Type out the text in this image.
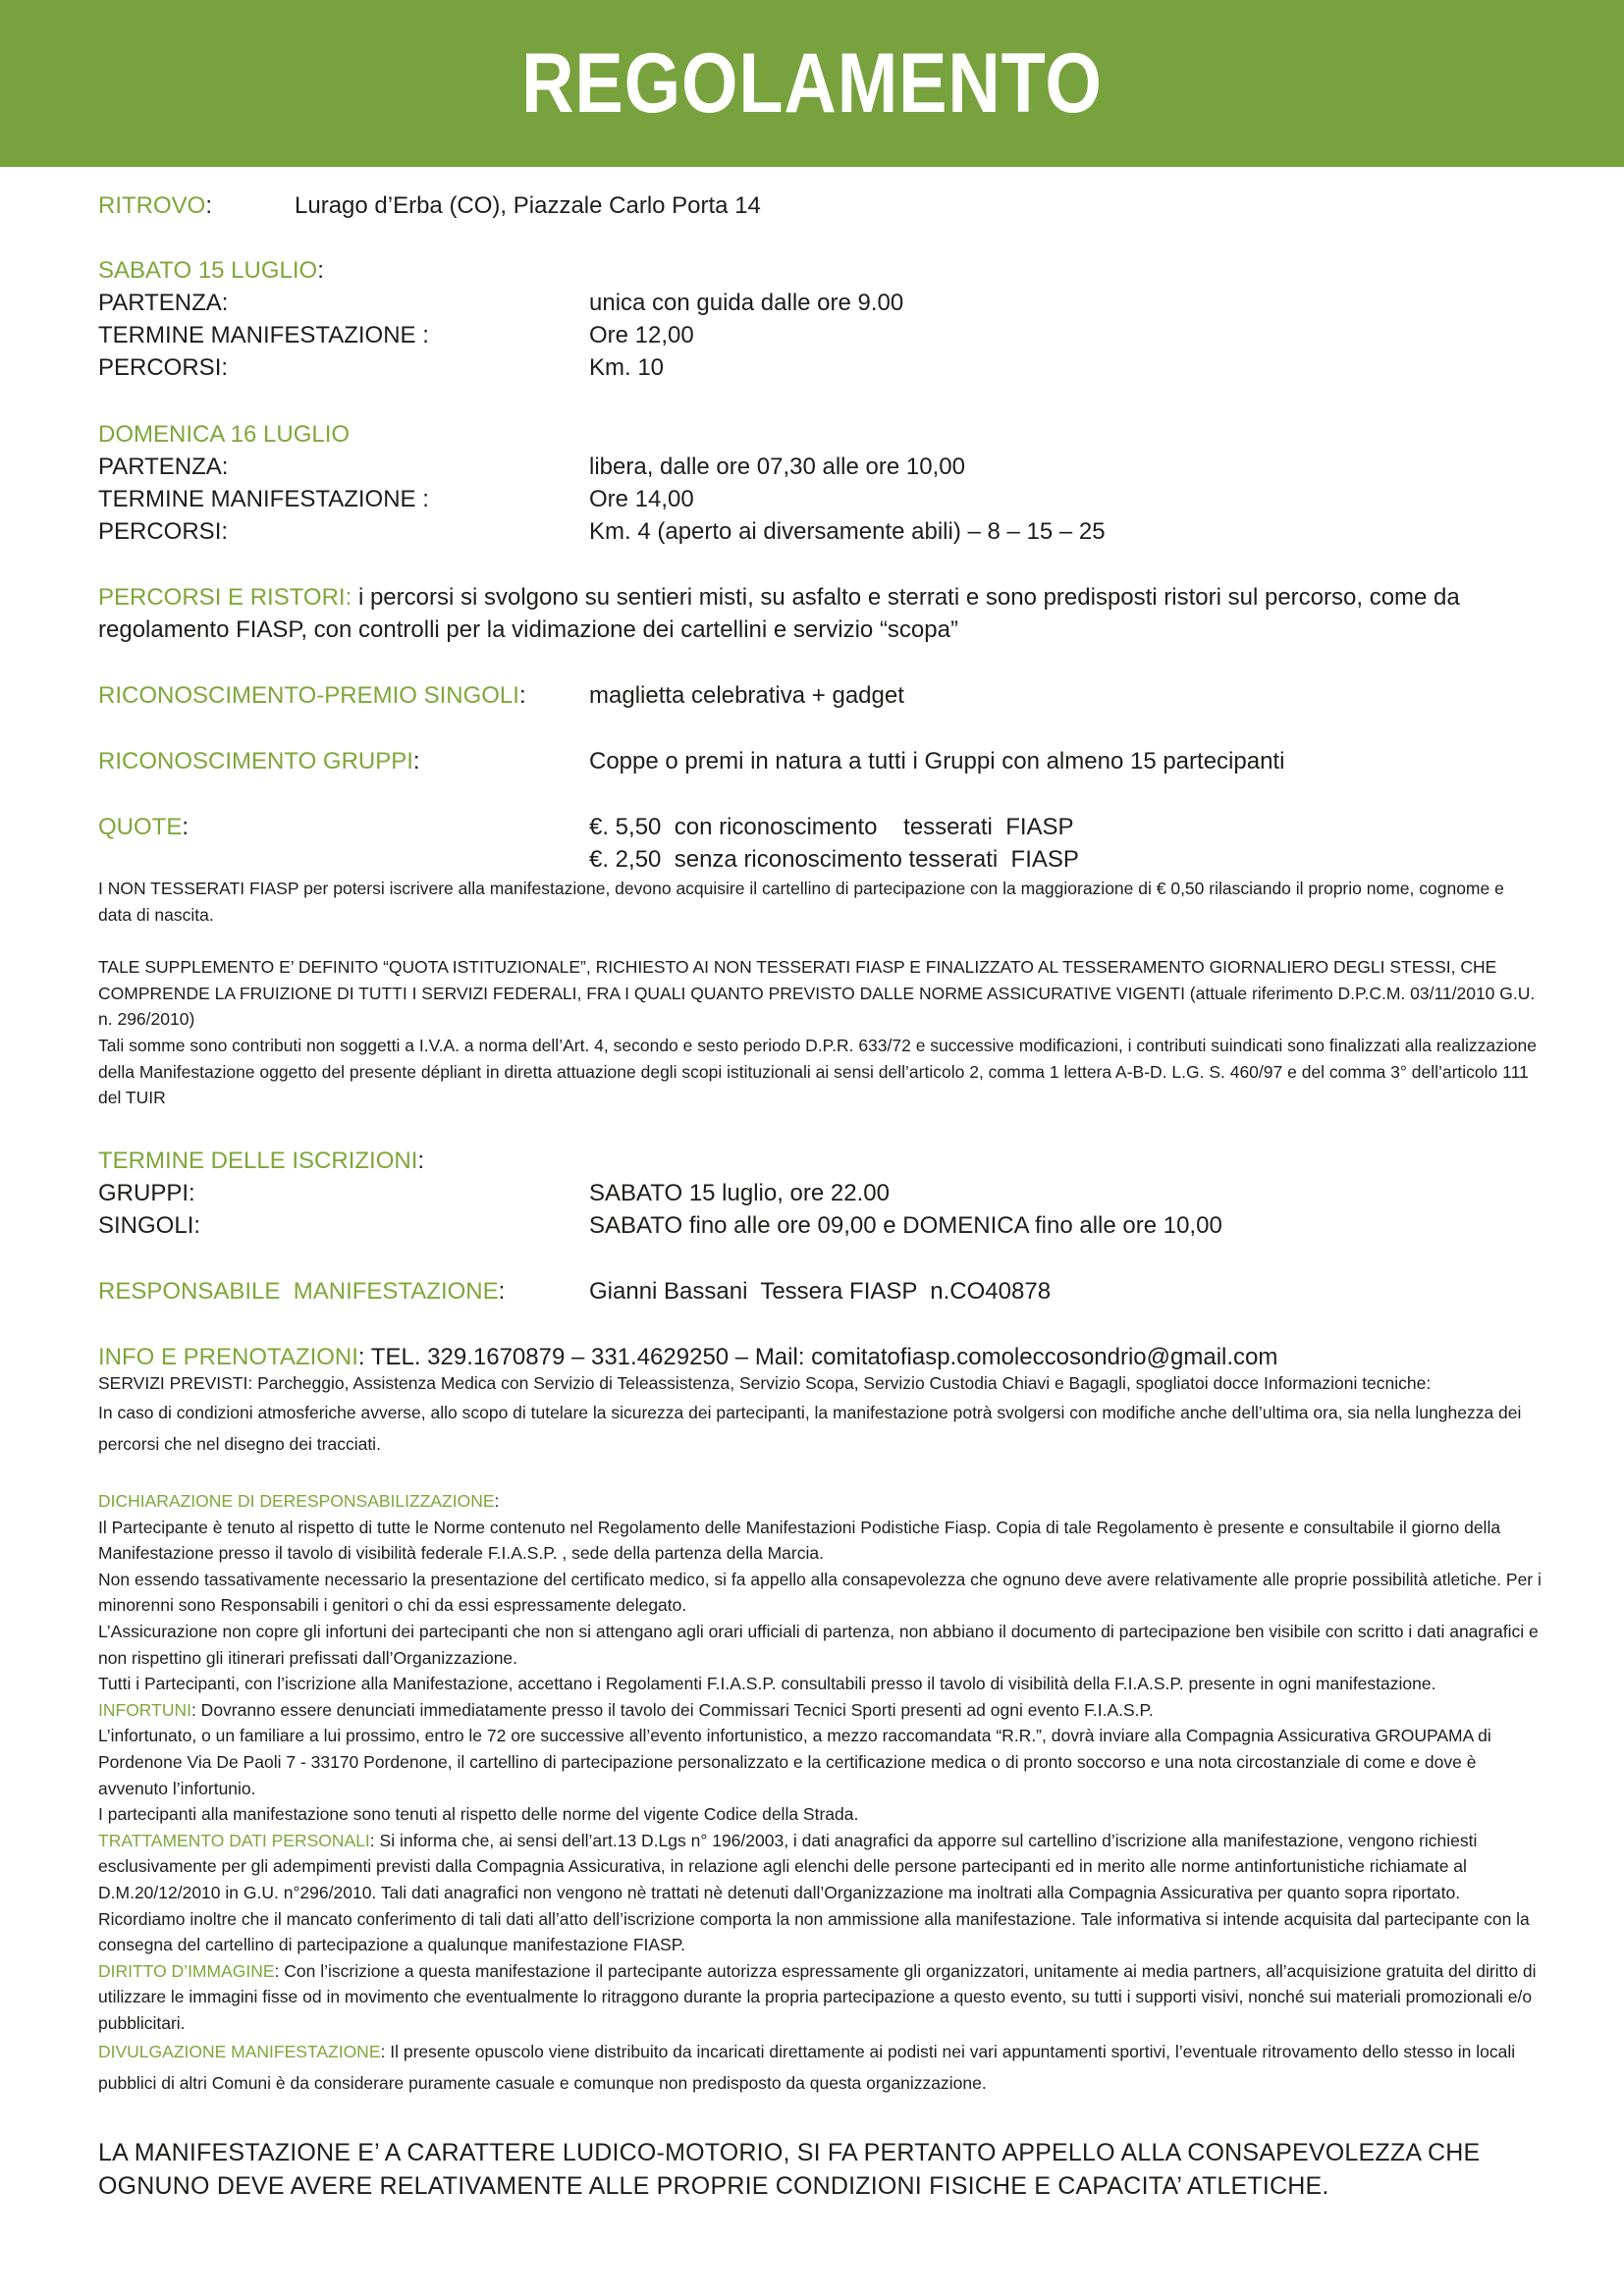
REGOLAMENTO
RITROVO:	Lurago d’Erba (CO), Piazzale Carlo Porta 14
SABATO 15 LUGLIO:
PARTENZA:	unica con guida dalle ore 9.00
TERMINE MANIFESTAZIONE :	Ore 12,00
PERCORSI:	Km. 10
DOMENICA 16 LUGLIO
PARTENZA:	libera, dalle ore 07,30 alle ore 10,00
TERMINE MANIFESTAZIONE :	Ore 14,00
PERCORSI:	Km. 4 (aperto ai diversamente abili) – 8 – 15 – 25
PERCORSI E RISTORI: i percorsi si svolgono su sentieri misti, su asfalto e sterrati e sono predisposti ristori sul percorso, come da regolamento FIASP, con controlli per la vidimazione dei cartellini e servizio “scopa”
RICONOSCIMENTO-PREMIO SINGOLI:	maglietta celebrativa + gadget
RICONOSCIMENTO GRUPPI:	Coppe o premi in natura a tutti i Gruppi con almeno 15 partecipanti
QUOTE:	€. 5,50  con riconoscimento    tesserati  FIASP
€. 2,50  senza riconoscimento tesserati  FIASP
I NON TESSERATI FIASP per potersi iscrivere alla manifestazione, devono acquisire il cartellino di partecipazione con la maggiorazione di € 0,50 rilasciando il proprio nome, cognome e data di nascita.
TALE SUPPLEMENTO E’ DEFINITO “QUOTA ISTITUZIONALE”, RICHIESTO AI NON TESSERATI FIASP E FINALIZZATO AL TESSERAMENTO GIORNALIERO DEGLI STESSI, CHE COMPRENDE LA FRUIZIONE DI TUTTI I SERVIZI FEDERALI, FRA I QUALI QUANTO PREVISTO DALLE NORME ASSICURATIVE VIGENTI (attuale riferimento D.P.C.M. 03/11/2010 G.U. n. 296/2010)
Tali somme sono contributi non soggetti a I.V.A. a norma dell’Art. 4, secondo e sesto periodo D.P.R. 633/72 e successive modificazioni, i contributi suindicati sono finalizzati alla realizzazione della Manifestazione oggetto del presente dépliant in diretta attuazione degli scopi istituzionali ai sensi dell’articolo 2, comma 1 lettera A-B-D. L.G. S. 460/97 e del comma 3° dell’articolo 111 del TUIR
TERMINE DELLE ISCRIZIONI:
GRUPPI:	SABATO 15 luglio, ore 22.00
SINGOLI:	SABATO fino alle ore 09,00 e DOMENICA fino alle ore 10,00
RESPONSABILE  MANIFESTAZIONE:	Gianni Bassani  Tessera FIASP  n.CO40878
INFO E PRENOTAZIONI: TEL. 329.1670879 – 331.4629250 – Mail: comitatofiasp.comoleccosondrio@gmail.com
SERVIZI PREVISTI: Parcheggio, Assistenza Medica con Servizio di Teleassistenza, Servizio Scopa, Servizio Custodia Chiavi e Bagagli, spogliatoi docce Informazioni tecniche:
In caso di condizioni atmosferiche avverse, allo scopo di tutelare la sicurezza dei partecipanti, la manifestazione potrà svolgersi con modifiche anche dell’ultima ora, sia nella lunghezza dei percorsi che nel disegno dei tracciati.

DICHIARAZIONE DI DERESPONSABILIZZAZIONE:

Il Partecipante è tenuto al rispetto di tutte le Norme contenuto nel Regolamento delle Manifestazioni Podistiche Fiasp. Copia di tale Regolamento è presente e consultabile il giorno della Manifestazione presso il tavolo di visibilità federale F.I.A.S.P. , sede della partenza della Marcia.

Non essendo tassativamente necessario la presentazione del certificato medico, si fa appello alla consapevolezza che ognuno deve avere relativamente alle proprie possibilità atletiche. Per i minorenni sono Responsabili i genitori o chi da essi espressamente delegato.

L’Assicurazione non copre gli infortuni dei partecipanti che non si attengano agli orari ufficiali di partenza, non abbiano il documento di partecipazione ben visibile con scritto i dati anagrafici e non rispettino gli itinerari prefissati dall’Organizzazione.

Tutti i Partecipanti, con l’iscrizione alla Manifestazione, accettano i Regolamenti F.I.A.S.P. consultabili presso il tavolo di visibilità della F.I.A.S.P. presente in ogni manifestazione.

INFORTUNI: Dovranno essere denunciati immediatamente presso il tavolo dei Commissari Tecnici Sporti presenti ad ogni evento F.I.A.S.P.

L’infortunato, o un familiare a lui prossimo, entro le 72 ore successive all’evento infortunistico, a mezzo raccomandata “R.R.”, dovrà inviare alla Compagnia Assicurativa GROUPAMA di Pordenone Via De Paoli 7 - 33170 Pordenone, il cartellino di partecipazione personalizzato e la certificazione medica o di pronto soccorso e una nota circostanziale di come e dove è avvenuto l’infortunio.

I partecipanti alla manifestazione sono tenuti al rispetto delle norme del vigente Codice della Strada.

TRATTAMENTO DATI PERSONALI: Si informa che, ai sensi dell’art.13 D.Lgs n° 196/2003, i dati anagrafici da apporre sul cartellino d’iscrizione alla manifestazione, vengono richiesti esclusivamente per gli adempimenti previsti dalla Compagnia Assicurativa, in relazione agli elenchi delle persone partecipanti ed in merito alle norme antinfortunistiche richiamate al D.M.20/12/2010 in G.U. n°296/2010. Tali dati anagrafici non vengono nè trattati nè detenuti dall’Organizzazione ma inoltrati alla Compagnia Assicurativa per quanto sopra riportato. Ricordiamo inoltre che il mancato conferimento di tali dati all’atto dell’iscrizione comporta la non ammissione alla manifestazione. Tale informativa si intende acquisita dal partecipante con la consegna del cartellino di partecipazione a qualunque manifestazione FIASP.

DIRITTO D’IMMAGINE: Con l’iscrizione a questa manifestazione il partecipante autorizza espressamente gli organizzatori, unitamente ai media partners, all’acquisizione gratuita del diritto di utilizzare le immagini fisse od in movimento che eventualmente lo ritraggono durante la propria partecipazione a questo evento, su tutti i supporti visivi, nonché sui materiali promozionali e/o pubblicitari.

DIVULGAZIONE MANIFESTAZIONE: Il presente opuscolo viene distribuito da incaricati direttamente ai podisti nei vari appuntamenti sportivi, l’eventuale ritrovamento dello stesso in locali pubblici di altri Comuni è da considerare puramente casuale e comunque non predisposto da questa organizzazione.

LA MANIFESTAZIONE E’ A CARATTERE LUDICO-MOTORIO, SI FA PERTANTO APPELLO ALLA CONSAPEVOLEZZA CHE OGNUNO DEVE AVERE RELATIVAMENTE ALLE PROPRIE CONDIZIONI FISICHE E CAPACITA’ ATLETICHE.
